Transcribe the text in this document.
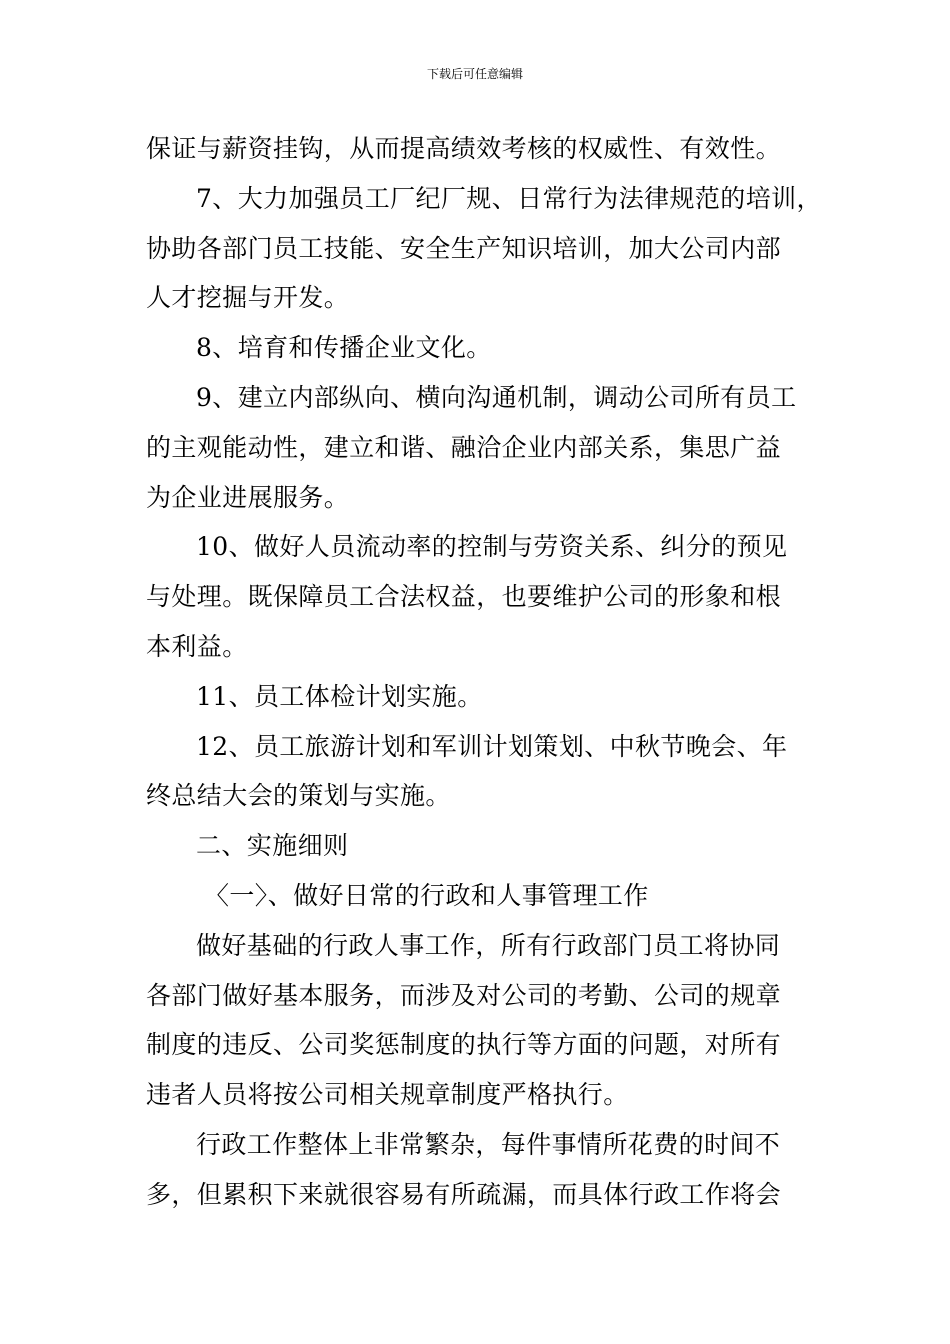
下载后可任意编辑
保证与薪资挂钩，从而提高绩效考核的权威性、有效性。
7、大力加强员工厂纪厂规、日常行为法律规范的培训，
协助各部门员工技能、安全生产知识培训，加大公司内部
人才挖掘与开发。
8、培育和传播企业文化。
9、建立内部纵向、横向沟通机制，调动公司所有员工
的主观能动性，建立和谐、融洽企业内部关系，集思广益
为企业进展服务。
10、做好人员流动率的控制与劳资关系、纠分的预见
与处理。既保障员工合法权益，也要维护公司的形象和根
本利益。
11、员工体检计划实施。
12、员工旅游计划和军训计划策划、中秋节晚会、年
终总结大会的策划与实施。
二、实施细则
〈一〉、做好日常的行政和人事管理工作
做好基础的行政人事工作，所有行政部门员工将协同
各部门做好基本服务，而涉及对公司的考勤、公司的规章
制度的违反、公司奖惩制度的执行等方面的问题，对所有
违者人员将按公司相关规章制度严格执行。
行政工作整体上非常繁杂，每件事情所花费的时间不
多，但累积下来就很容易有所疏漏，而具体行政工作将会
